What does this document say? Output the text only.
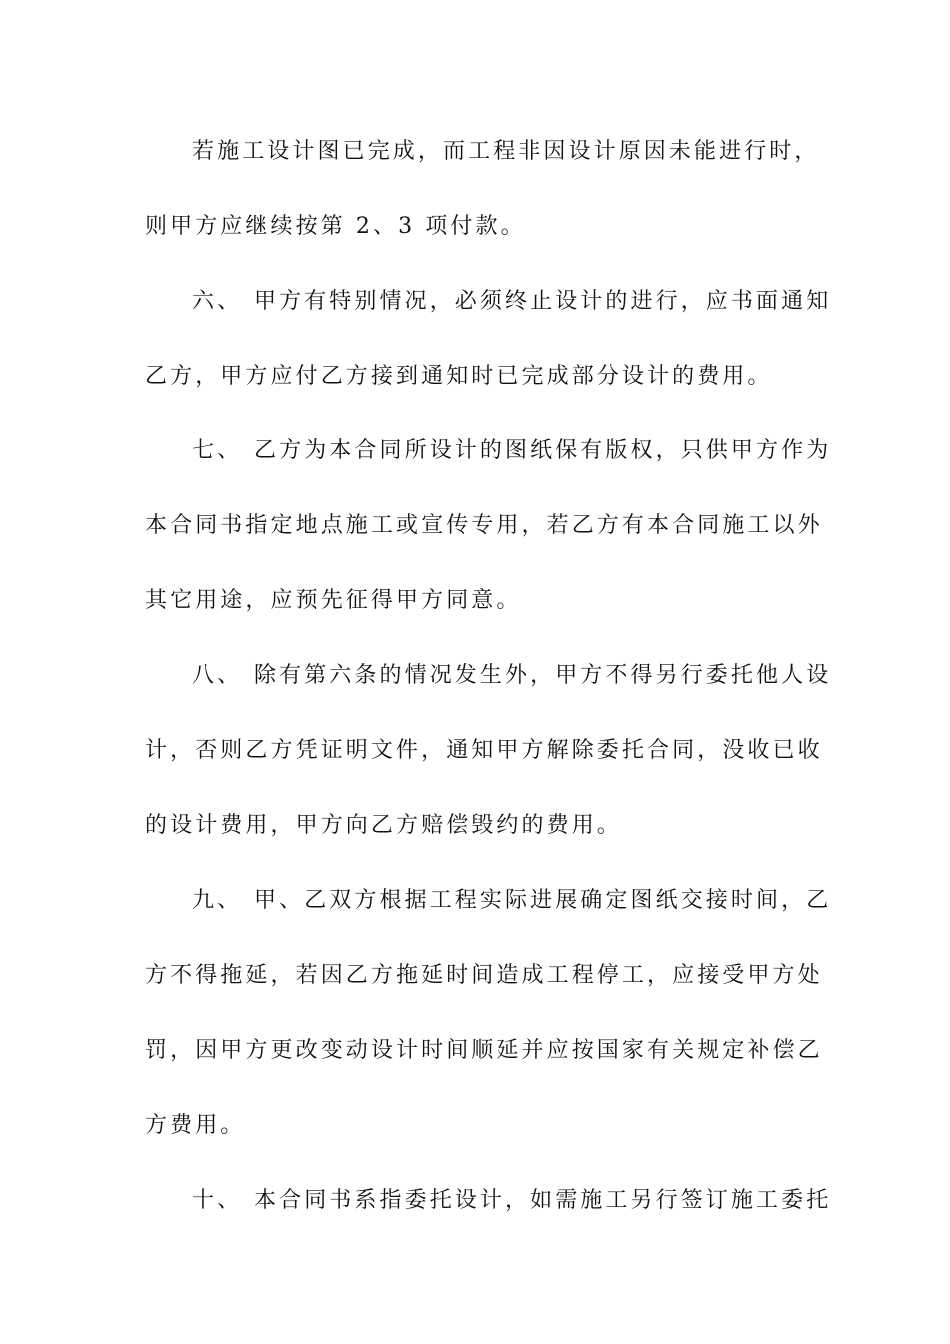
若施工设计图已完成，而工程非因设计原因未能进行时，
则甲方应继续按第 2、3 项付款。
六、 甲方有特别情况，必须终止设计的进行，应书面通知
乙方，甲方应付乙方接到通知时已完成部分设计的费用。
七、 乙方为本合同所设计的图纸保有版权，只供甲方作为
本合同书指定地点施工或宣传专用，若乙方有本合同施工以外
其它用途，应预先征得甲方同意。
八、 除有第六条的情况发生外，甲方不得另行委托他人设
计，否则乙方凭证明文件，通知甲方解除委托合同，没收已收
的设计费用，甲方向乙方赔偿毁约的费用。
九、 甲、乙双方根据工程实际进展确定图纸交接时间，乙
方不得拖延，若因乙方拖延时间造成工程停工，应接受甲方处
罚，因甲方更改变动设计时间顺延并应按国家有关规定补偿乙
方费用。
十、 本合同书系指委托设计，如需施工另行签订施工委托
